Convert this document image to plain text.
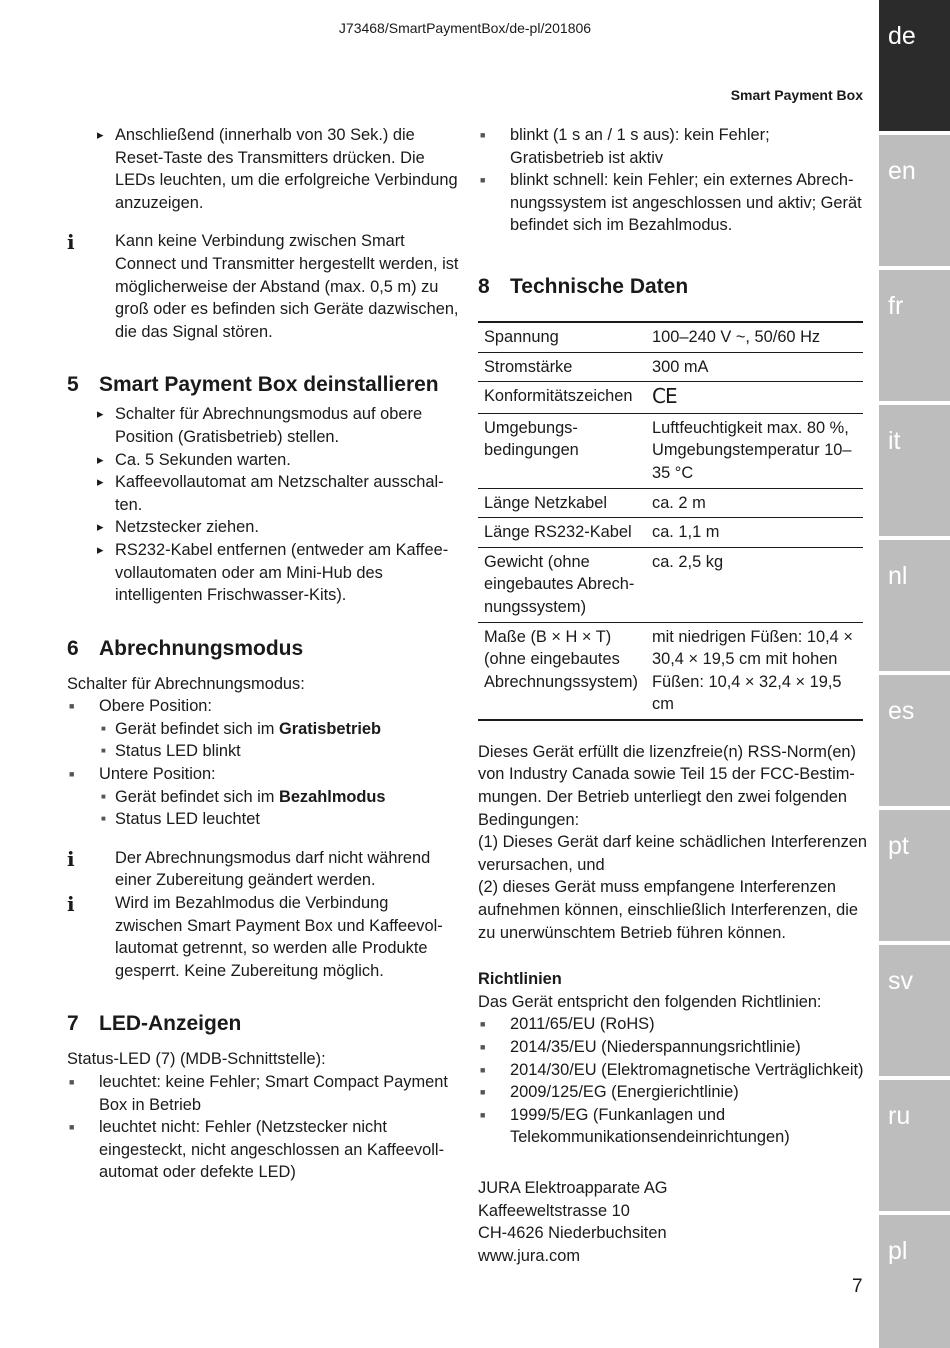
J73468/SmartPaymentBox/de-pl/201806
Smart Payment Box
de
en
fr
it
nl
es
pt
sv
ru
pl
▸ Anschließend (innerhalb von 30 Sek.) die Reset-Taste des Transmitters drücken. Die LEDs leuchten, um die erfolgreiche Verbindung anzuzeigen.
i Kann keine Verbindung zwischen Smart Connect und Transmitter hergestellt werden, ist möglicherweise der Abstand (max. 0,5 m) zu groß oder es befinden sich Geräte dazwischen, die das Signal stören.
5 Smart Payment Box deinstallieren
▸ Schalter für Abrechnungsmodus auf obere Position (Gratisbetrieb) stellen.
▸ Ca. 5 Sekunden warten.
▸ Kaffeevollautomat am Netzschalter ausschalten.
▸ Netzstecker ziehen.
▸ RS232-Kabel entfernen (entweder am Kaffeevollautomaten oder am Mini-Hub des intelligenten Frischwasser-Kits).
6 Abrechnungsmodus
Schalter für Abrechnungsmodus:
■ Obere Position:
■ Gerät befindet sich im Gratisbetrieb
■ Status LED blinkt
■ Untere Position:
■ Gerät befindet sich im Bezahlmodus
■ Status LED leuchtet
i Der Abrechnungsmodus darf nicht während einer Zubereitung geändert werden.
i Wird im Bezahlmodus die Verbindung zwischen Smart Payment Box und Kaffeevollautomat getrennt, so werden alle Produkte gesperrt. Keine Zubereitung möglich.
7 LED-Anzeigen
Status-LED (7) (MDB-Schnittstelle):
■ leuchtet: keine Fehler; Smart Compact Payment Box in Betrieb
■ leuchtet nicht: Fehler (Netzstecker nicht eingesteckt, nicht angeschlossen an Kaffeevollautomat oder defekte LED)
■ blinkt (1 s an / 1 s aus): kein Fehler; Gratisbetrieb ist aktiv
■ blinkt schnell: kein Fehler; ein externes Abrechnungssystem ist angeschlossen und aktiv; Gerät befindet sich im Bezahlmodus.
8 Technische Daten
Spannung	100–240 V ~, 50/60 Hz
Stromstärke	300 mA
Konformitätszeichen	CE
Umgebungsbedingungen	Luftfeuchtigkeit max. 80 %, Umgebungstemperatur 10–35 °C
Länge Netzkabel	ca. 2 m
Länge RS232-Kabel	ca. 1,1 m
Gewicht (ohne eingebautes Abrechnungssystem)	ca. 2,5 kg
Maße (B × H × T) (ohne eingebautes Abrechnungssystem)	mit niedrigen Füßen: 10,4 × 30,4 × 19,5 cm mit hohen Füßen: 10,4 × 32,4 × 19,5 cm
Dieses Gerät erfüllt die lizenzfreie(n) RSS-Norm(en) von Industry Canada sowie Teil 15 der FCC-Bestimmungen. Der Betrieb unterliegt den zwei folgenden Bedingungen:
(1) Dieses Gerät darf keine schädlichen Interferenzen verursachen, und
(2) dieses Gerät muss empfangene Interferenzen aufnehmen können, einschließlich Interferenzen, die zu unerwünschtem Betrieb führen können.
Richtlinien
Das Gerät entspricht den folgenden Richtlinien:
■ 2011/65/EU (RoHS)
■ 2014/35/EU (Niederspannungsrichtlinie)
■ 2014/30/EU (Elektromagnetische Verträglichkeit)
■ 2009/125/EG (Energierichtlinie)
■ 1999/5/EG (Funkanlagen und Telekommunikationsendeinrichtungen)
JURA Elektroapparate AG
Kaffeeweltstrasse 10
CH-4626 Niederbuchsiten
www.jura.com
7
